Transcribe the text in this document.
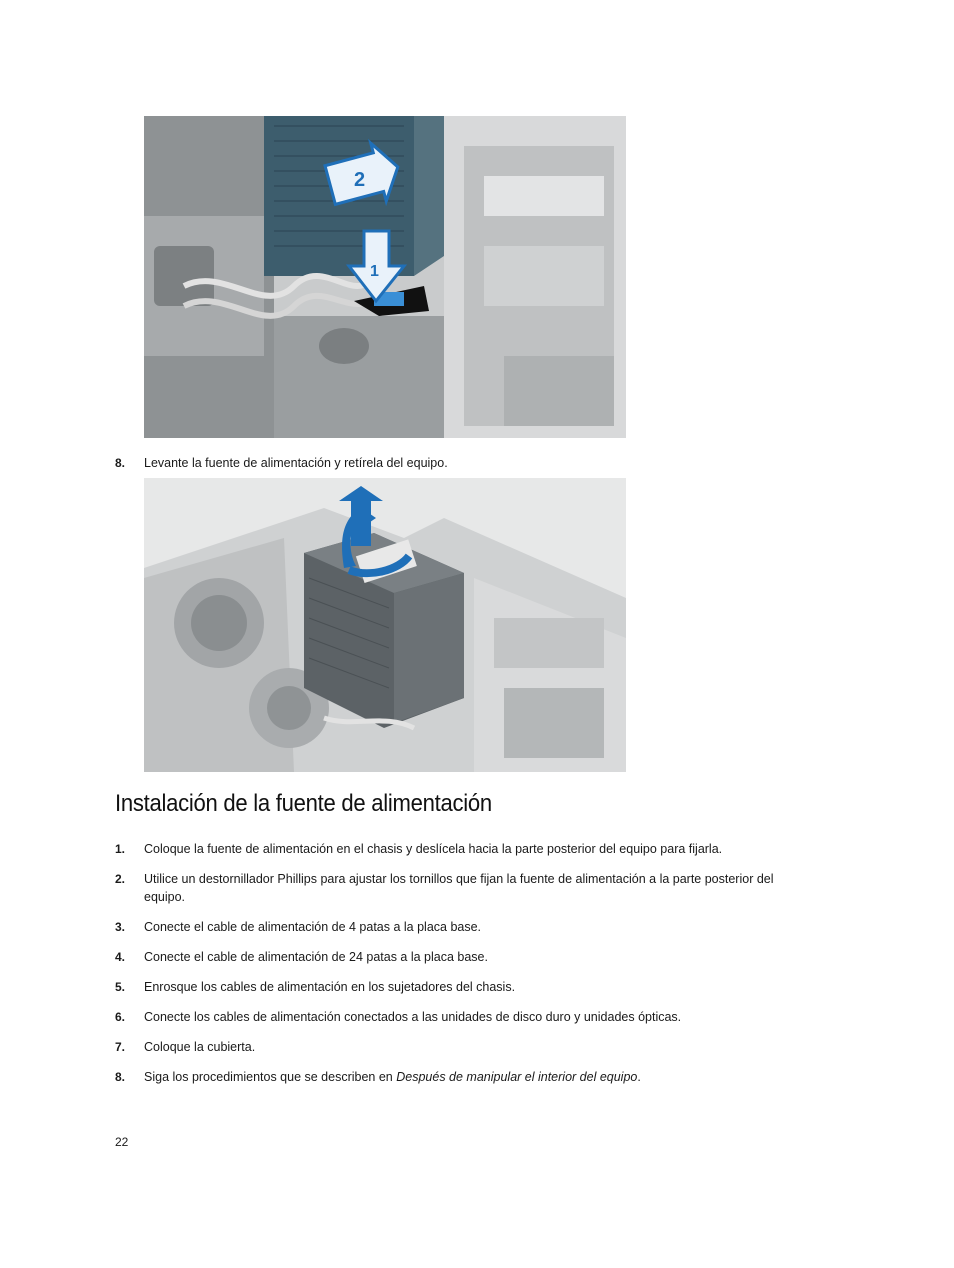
2
1
8.	Levante la fuente de alimentación y retírela del equipo.
Instalación de la fuente de alimentación
1.	Coloque la fuente de alimentación en el chasis y deslícela hacia la parte posterior del equipo para fijarla.
2.	Utilice un destornillador Phillips para ajustar los tornillos que fijan la fuente de alimentación a la parte posterior del equipo.
3.	Conecte el cable de alimentación de 4 patas a la placa base.
4.	Conecte el cable de alimentación de 24 patas a la placa base.
5.	Enrosque los cables de alimentación en los sujetadores del chasis.
6.	Conecte los cables de alimentación conectados a las unidades de disco duro y unidades ópticas.
7.	Coloque la cubierta.
8.	Siga los procedimientos que se describen en Después de manipular el interior del equipo.
22
